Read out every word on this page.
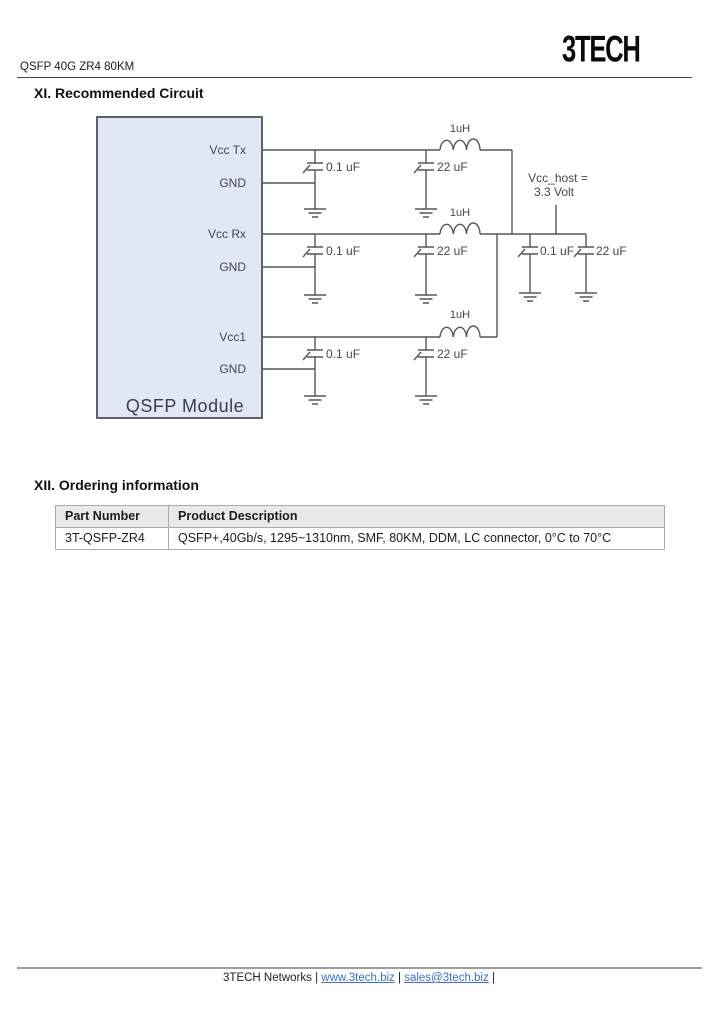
QSFP 40G ZR4 80KM	3TECH
XI. Recommended Circuit
Vcc Tx
GND
Vcc Rx
GND
Vcc1
GND
QSFP Module
1uH
1uH
1uH
0.1 uF	22 uF
0.1 uF	22 uF
0.1 uF	22 uF
0.1 uF 22 uF
Vcc_host =
3.3 Volt
XII. Ordering information
Part Number	Product Description
3T-QSFP-ZR4	QSFP+,40Gb/s, 1295~1310nm, SMF, 80KM, DDM, LC connector, 0°C to 70°C
3TECH Networks | www.3tech.biz | sales@3tech.biz |
